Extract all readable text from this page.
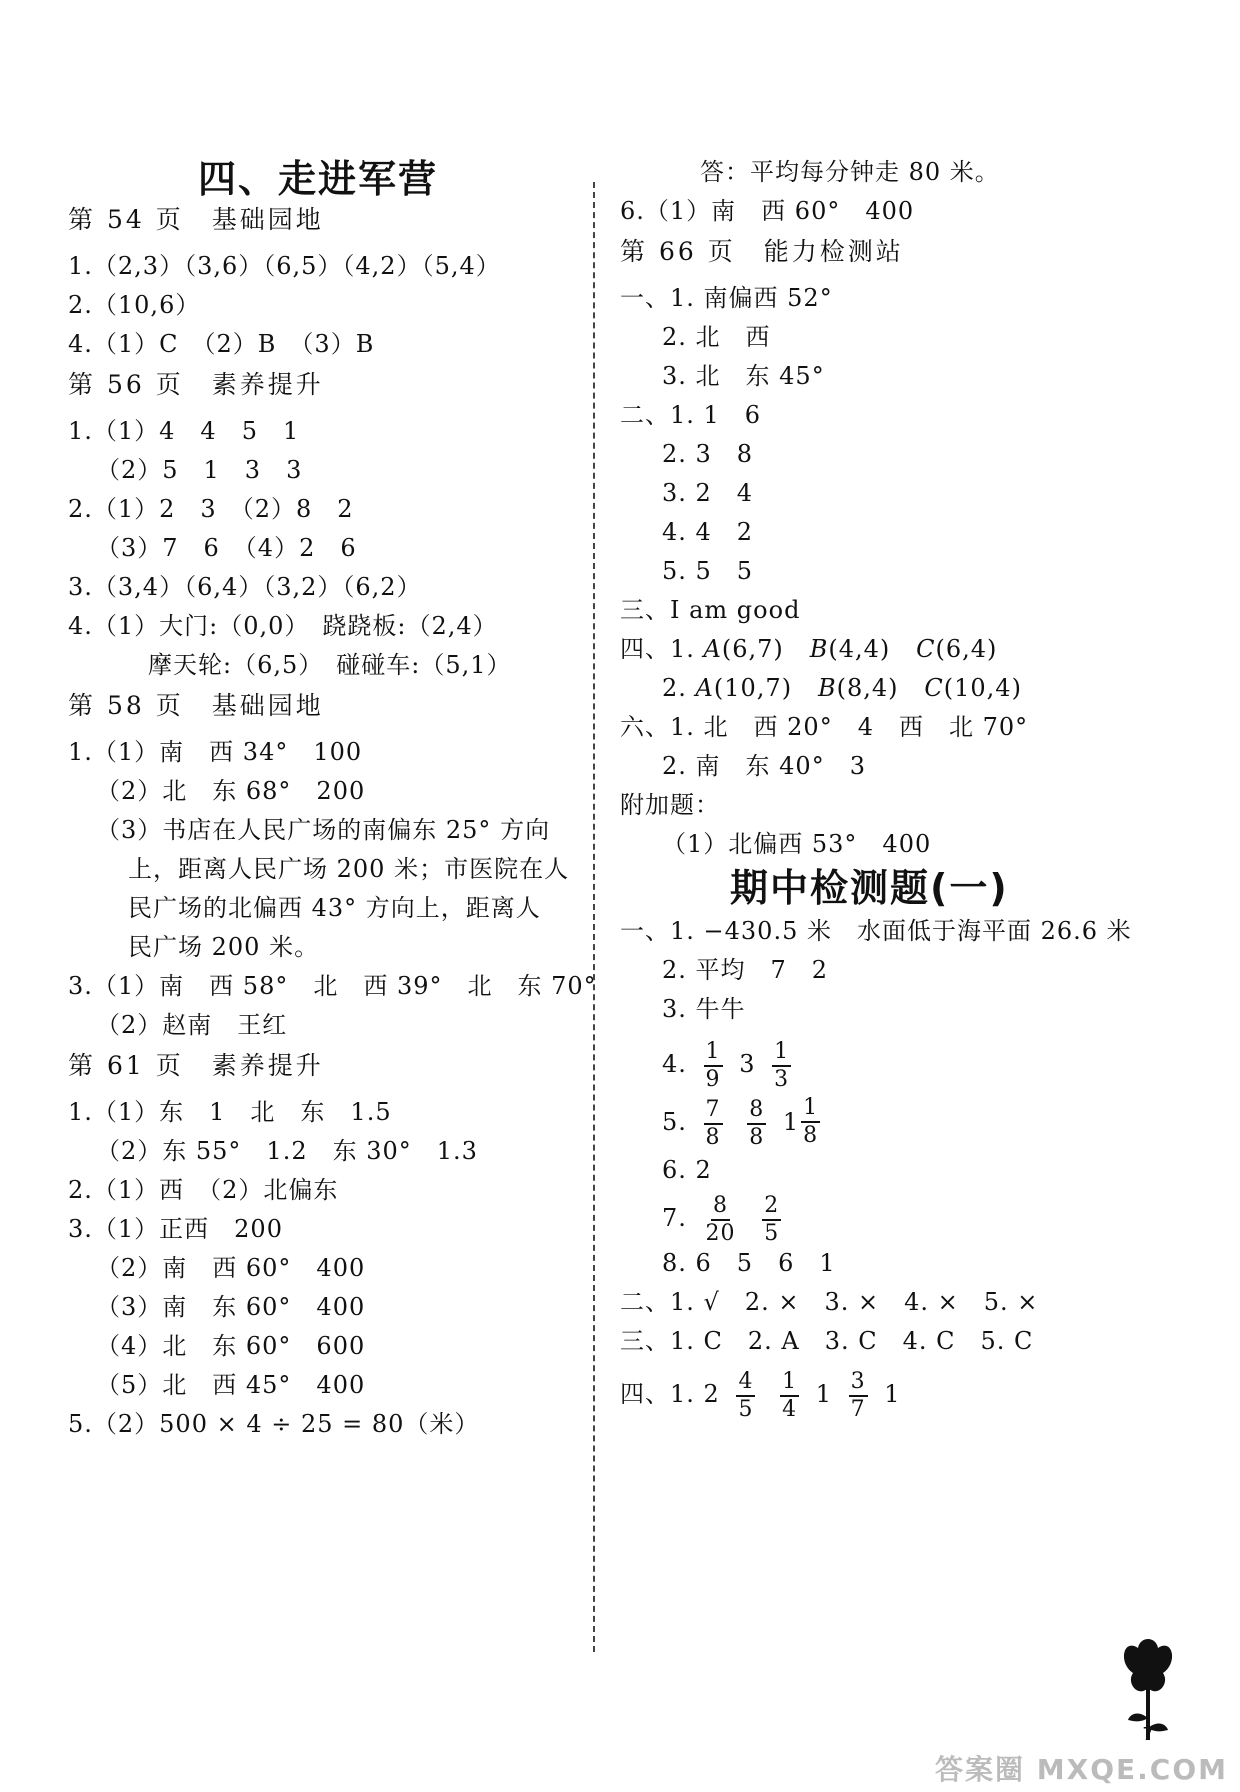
四、走进军营
第 54 页　基础园地
1.（2,3）（3,6）（6,5）（4,2）（5,4）
2.（10,6）
4.（1）C　（2）B　（3）B
第 56 页　素养提升
1.（1）4　4　5　1
（2）5　1　3　3
2.（1）2　3　（2）8　2
（3）7　6　（4）2　6
3.（3,4）（6,4）（3,2）（6,2）
4.（1）大门:（0,0）　跷跷板:（2,4）
摩天轮:（6,5）　碰碰车:（5,1）
第 58 页　基础园地
1.（1）南　西 34°　100
（2）北　东 68°　200
（3）书店在人民广场的南偏东 25° 方向
上，距离人民广场 200 米；市医院在人
民广场的北偏西 43° 方向上，距离人
民广场 200 米。
3.（1）南　西 58°　北　西 39°　北　东 70°
（2）赵南　王红
第 61 页　素养提升
1.（1）东　1　北　东　1.5
（2）东 55°　1.2　东 30°　1.3
2.（1）西　（2）北偏东
3.（1）正西　200
（2）南　西 60°　400
（3）南　东 60°　400
（4）北　东 60°　600
（5）北　西 45°　400
5.（2）500 × 4 ÷ 25 = 80（米）
答：平均每分钟走 80 米。
6.（1）南　西 60°　400
第 66 页　能力检测站
一、1. 南偏西 52°
2. 北　西
3. 北　东 45°
二、1. 1　6
2. 3　8
3. 2　4
4. 4　2
5. 5　5
三、I am good
四、1. A(6,7) B(4,4) C(6,4)
2. A(10,7) B(8,4) C(10,4)
六、1. 北　西 20°　4　西　北 70°
2. 南　东 40°　3
附加题：
（1）北偏西 53°　400
期中检测题(一)
一、1. −430.5 米　水面低于海平面 26.6 米
2. 平均　7　2
3. 牛牛
4. $\frac{1}{9} 3 \frac{1}{3}$
5. $\frac{7}{8}$
$\frac{8}{8}$
$1 \frac{1}{8}$
6. 2
7. $\frac{8}{20}$
$\frac{2}{5}$
8. 6　5　6　1
二、1. √　2. ×　3. ×　4. ×　5. ×
三、1. C　2. A　3. C　4. C　5. C
四、1. $2 \frac{4}{5}$
$\frac{1}{4} 1 \frac{3}{7} 1$
7
答案圈 MXQE.COM
